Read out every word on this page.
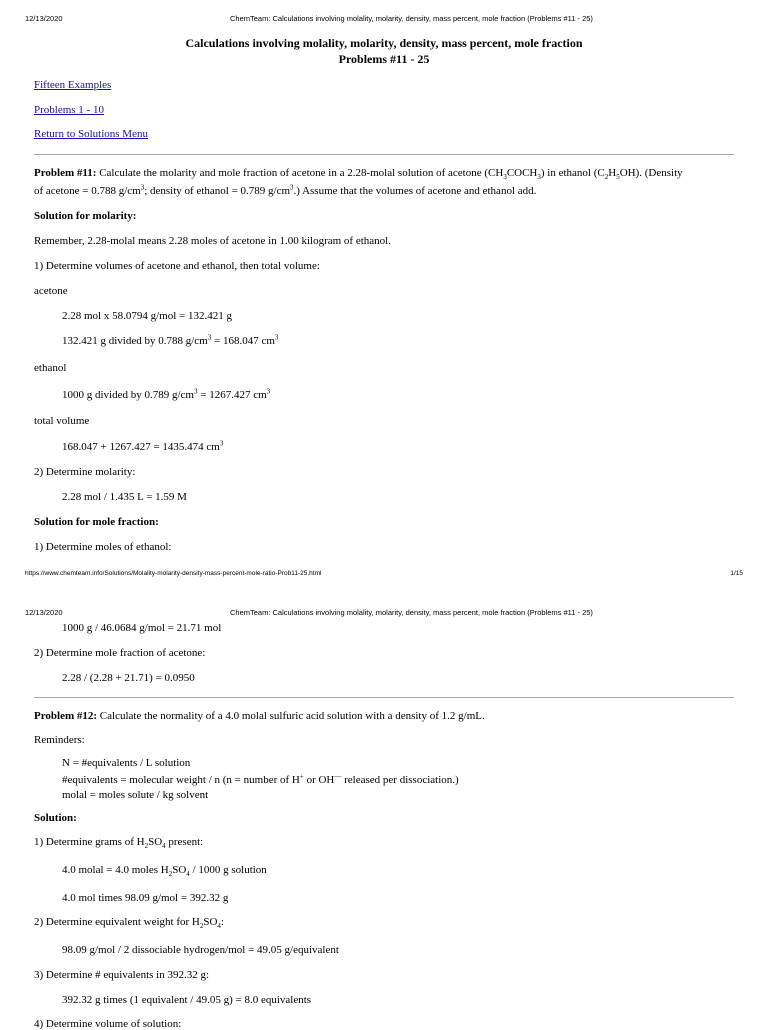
12/13/2020	ChemTeam: Calculations involving molality, molarity, density, mass percent, mole fraction (Problems #11 - 25)
Calculations involving molality, molarity, density, mass percent, mole fraction
Problems #11 - 25
Fifteen Examples
Problems 1 - 10
Return to Solutions Menu
Problem #11: Calculate the molarity and mole fraction of acetone in a 2.28-molal solution of acetone $(CH_3COCH_3)$ in ethanol $(C_2H_5OH)$. (Density
of acetone = 0.788 $g/cm^3$; density of ethanol = 0.789 $g/cm^3$.) Assume that the volumes of acetone and ethanol add.
Solution for molarity:
Remember, 2.28-molal means 2.28 moles of acetone in 1.00 kilogram of ethanol.
1) Determine volumes of acetone and ethanol, then total volume:
acetone
2.28 mol x 58.0794 g/mol = 132.421 g
132.421 g divided by 0.788 $g/cm^3 = 168.047$ $cm^3$
ethanol
1000 g divided by 0.789 $g/cm^3 = 1267.427$ $cm^3$
total volume
168.047 + 1267.427 = 1435.474 $cm^3$
2) Determine molarity:
2.28 mol / 1.435 L = 1.59 M
Solution for mole fraction:
1) Determine moles of ethanol:
https://www.chemteam.info/Solutions/Molality-molarity-density-mass-percent-mole-ratio-Prob11-25.html	1/15
12/13/2020	ChemTeam: Calculations involving molality, molarity, density, mass percent, mole fraction (Problems #11 - 25)
1000 g / 46.0684 g/mol = 21.71 mol
2) Determine mole fraction of acetone:
2.28 / (2.28 + 21.71) = 0.0950
Problem #12: Calculate the normality of a 4.0 molal sulfuric acid solution with a density of 1.2 g/mL.
Reminders:
N = #equivalents / L solution
#equivalents = molecular weight / n (n = number of H+ or OH— released per dissociation.)
molal = moles solute / kg solvent
Solution:
1) Determine grams of $H_2SO_4$ present:
4.0 molal = 4.0 moles $H_2SO_4 / 1000$ g solution
4.0 mol times 98.09 g/mol = 392.32 g
2) Determine equivalent weight for $H_2SO_4$:
98.09 g/mol / 2 dissociable hydrogen/mol = 49.05 g/equivalent
3) Determine # equivalents in 392.32 g:
392.32 g times (1 equivalent / 49.05 g) = 8.0 equivalents
4) Determine volume of solution:
